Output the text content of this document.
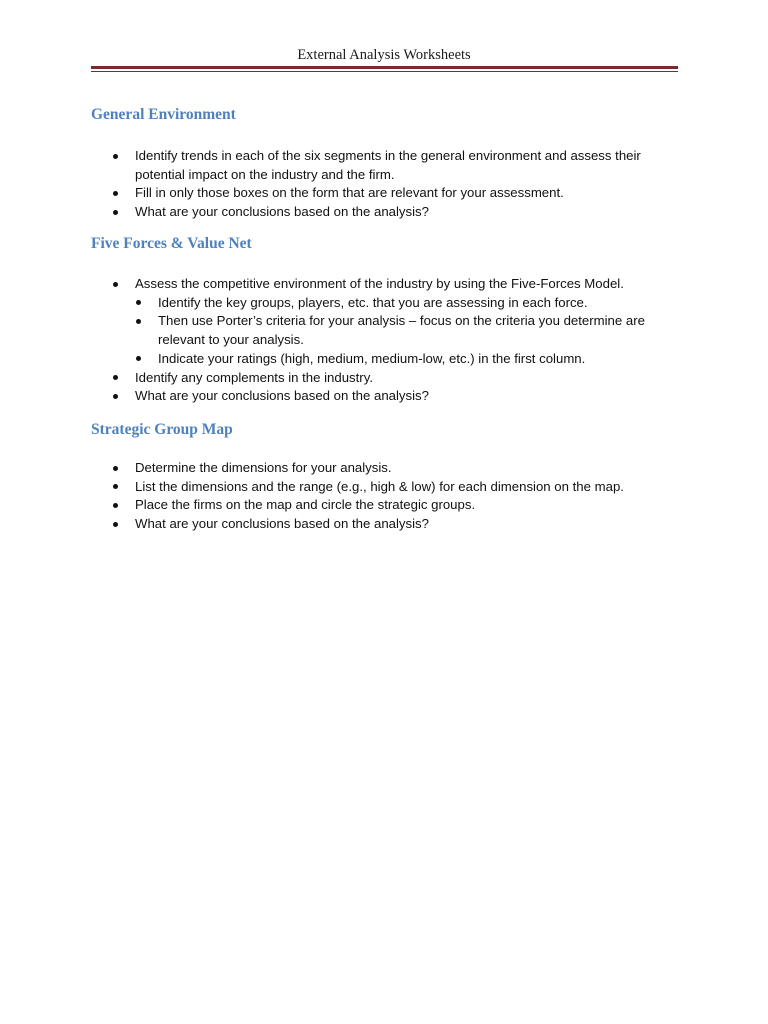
External Analysis Worksheets
General Environment
Identify trends in each of the six segments in the general environment and assess their potential impact on the industry and the firm.
Fill in only those boxes on the form that are relevant for your assessment.
What are your conclusions based on the analysis?
Five Forces & Value Net
Assess the competitive environment of the industry by using the Five-Forces Model.
Identify the key groups, players, etc. that you are assessing in each force.
Then use Porter’s criteria for your analysis – focus on the criteria you determine are relevant to your analysis.
Indicate your ratings (high, medium, medium-low, etc.) in the first column.
Identify any complements in the industry.
What are your conclusions based on the analysis?
Strategic Group Map
Determine the dimensions for your analysis.
List the dimensions and the range (e.g., high & low) for each dimension on the map.
Place the firms on the map and circle the strategic groups.
What are your conclusions based on the analysis?
